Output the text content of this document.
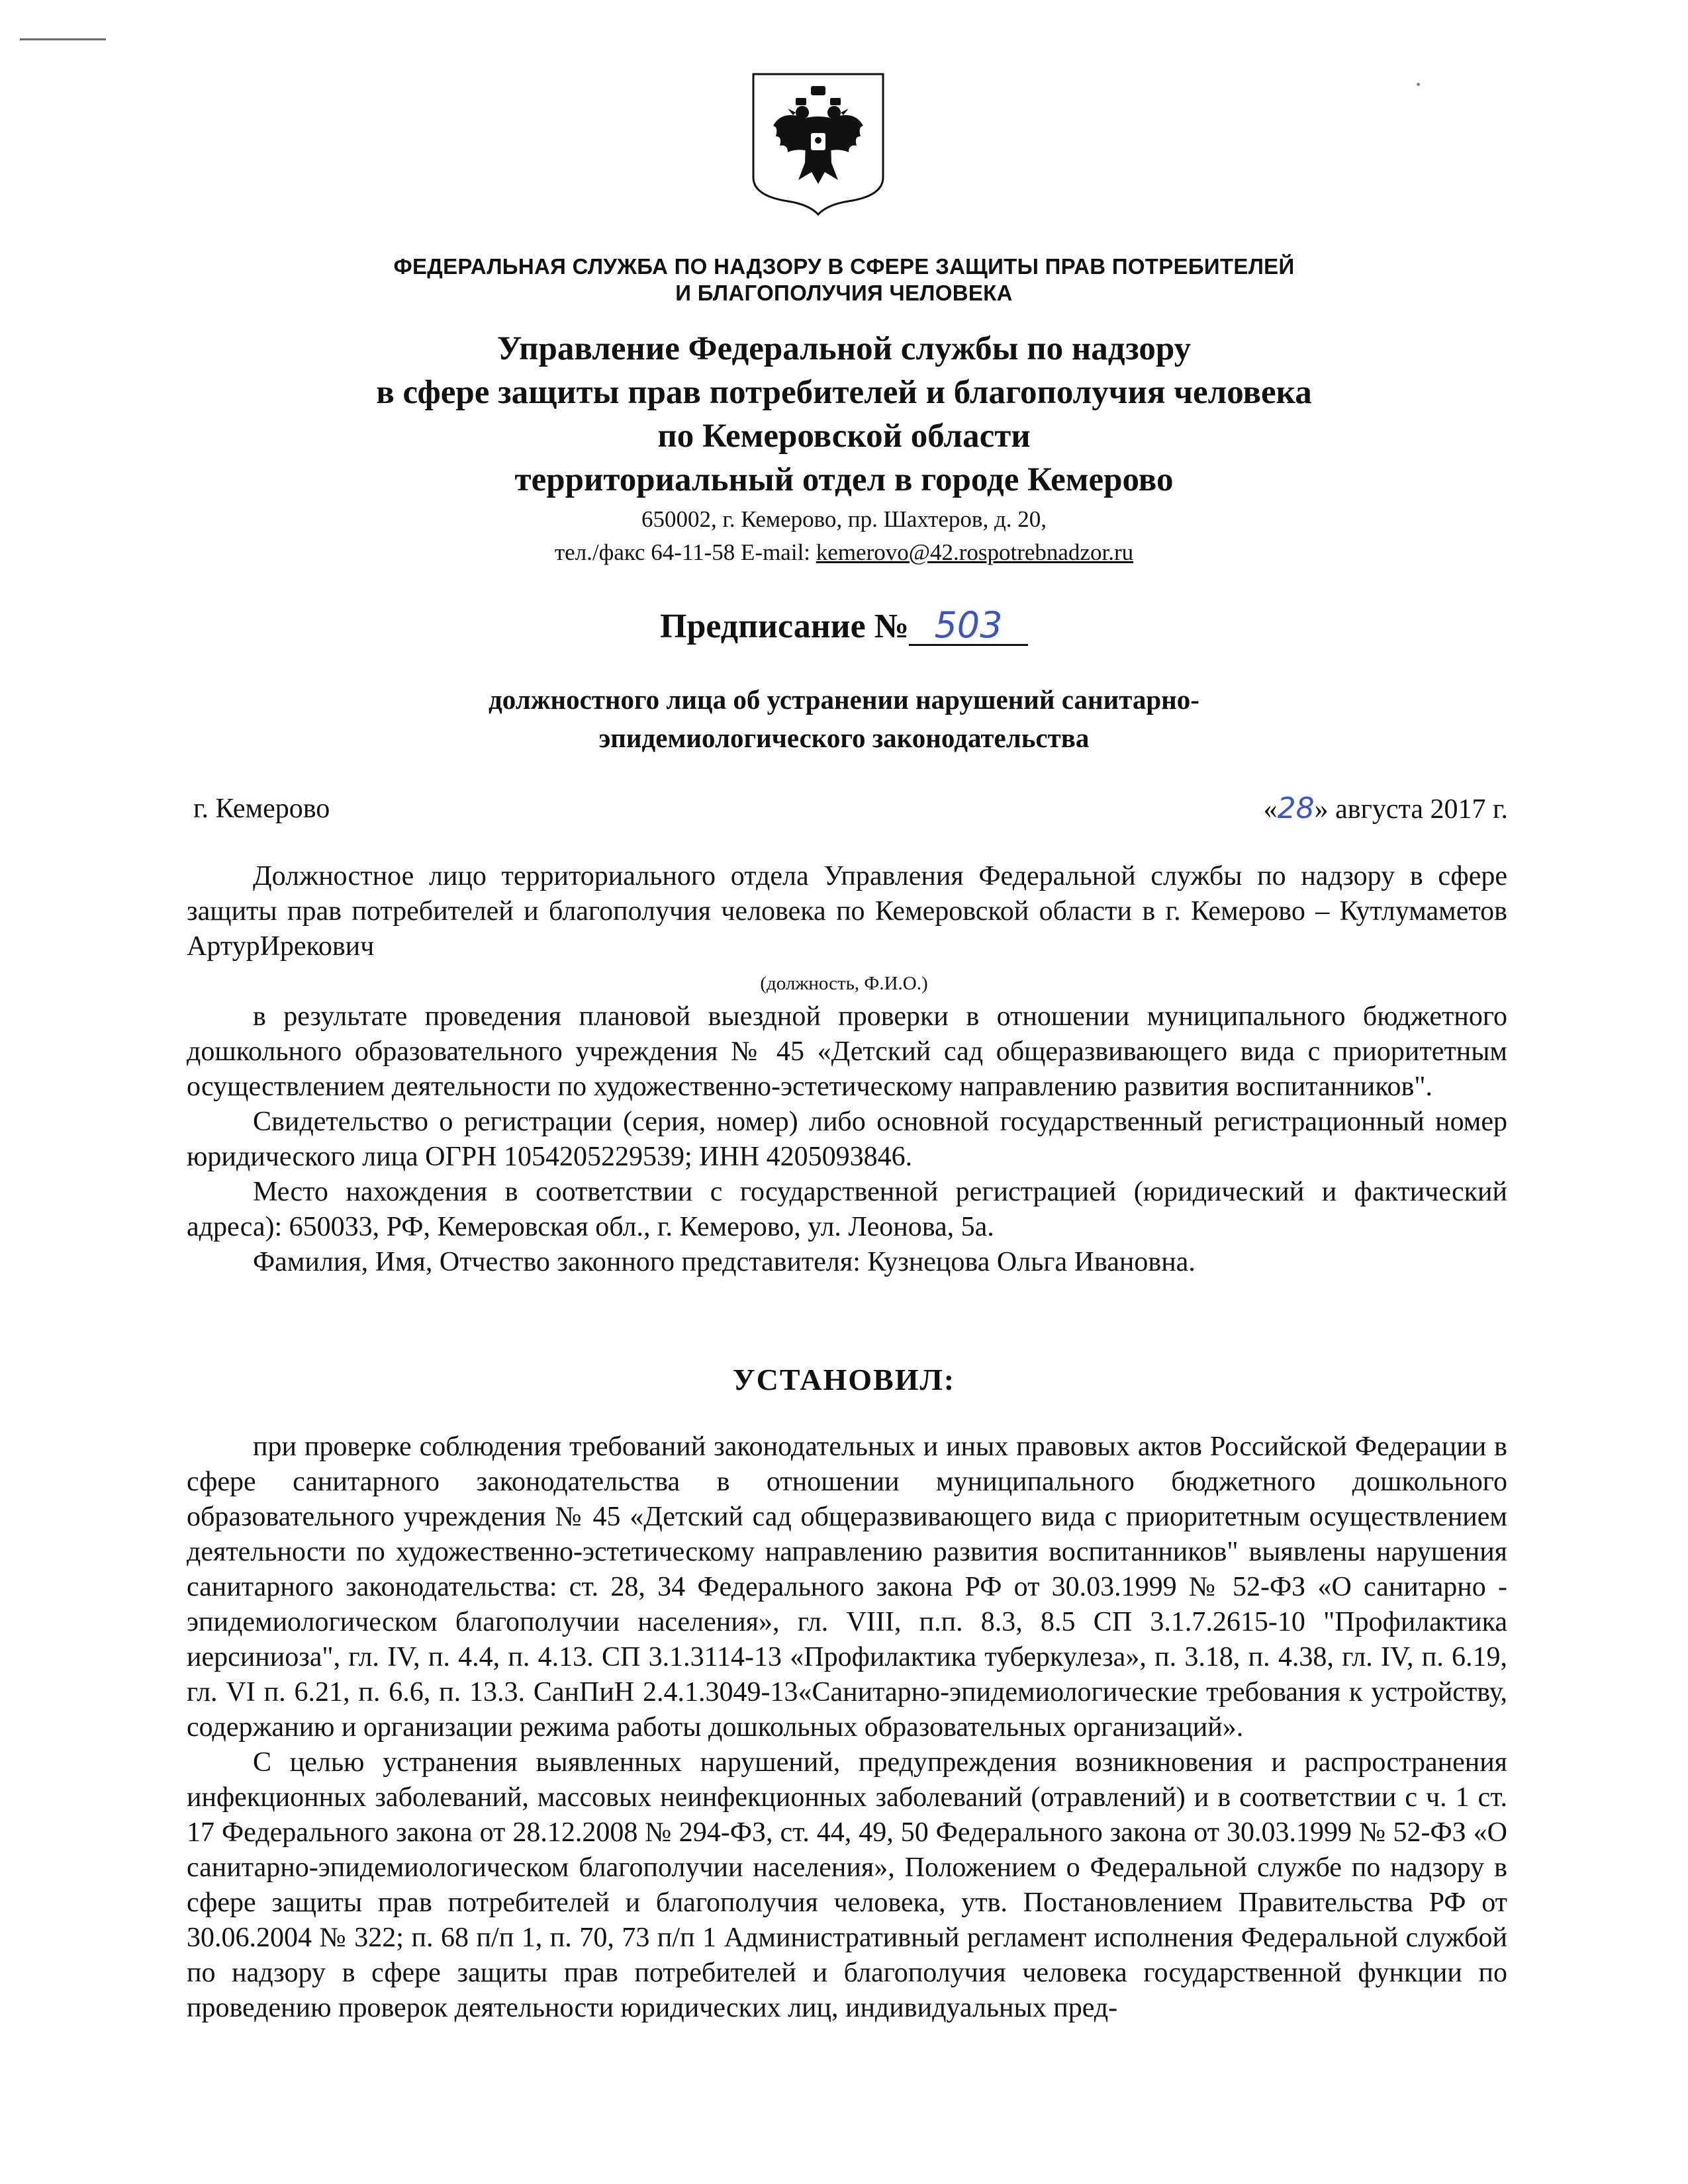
ФЕДЕРАЛЬНАЯ СЛУЖБА ПО НАДЗОРУ В СФЕРЕ ЗАЩИТЫ ПРАВ ПОТРЕБИТЕЛЕЙ
И БЛАГОПОЛУЧИЯ ЧЕЛОВЕКА
Управление Федеральной службы по надзору
в сфере защиты прав потребителей и благополучия человека
по Кемеровской области
территориальный отдел в городе Кемерово
650002, г. Кемерово, пр. Шахтеров, д. 20,
тел./факс 64-11-58 E-mail: kemerovo@42.rospotrebnadzor.ru
Предписание № 503
должностного лица об устранении нарушений санитарно-
эпидемиологического законодательства
г. Кемерово	«28» августа 2017 г.

Должностное лицо территориального отдела Управления Федеральной службы по надзору в сфере защиты прав потребителей и благополучия человека по Кемеровской области в г. Кемерово – Кутлумаметов АртурИрекович

(должность, Ф.И.О.)

в результате проведения плановой выездной проверки в отношении муниципального бюджетного дошкольного образовательного учреждения № 45 «Детский сад общеразвивающего вида с приоритетным осуществлением деятельности по художественно-эстетическому направлению развития воспитанников".

Свидетельство о регистрации (серия, номер) либо основной государственный регистрационный номер юридического лица ОГРН 1054205229539; ИНН 4205093846.

Место нахождения в соответствии с государственной регистрацией (юридический и фактический адреса): 650033, РФ, Кемеровская обл., г. Кемерово, ул. Леонова, 5а.

Фамилия, Имя, Отчество законного представителя: Кузнецова Ольга Ивановна.

УСТАНОВИЛ:

при проверке соблюдения требований законодательных и иных правовых актов Российской Федерации в сфере санитарного законодательства в отношении муниципального бюджетного дошкольного образовательного учреждения № 45 «Детский сад общеразвивающего вида с приоритетным осуществлением деятельности по художественно-эстетическому направлению развития воспитанников" выявлены нарушения санитарного законодательства: ст. 28, 34 Федерального закона РФ от 30.03.1999 № 52-ФЗ «О санитарно - эпидемиологическом благополучии населения», гл. VIII, п.п. 8.3, 8.5 СП 3.1.7.2615-10 "Профилактика иерсиниоза", гл. IV, п. 4.4, п. 4.13. СП 3.1.3114-13 «Профилактика туберкулеза», п. 3.18, п. 4.38, гл. IV, п. 6.19, гл. VI п. 6.21, п. 6.6, п. 13.3. СанПиН 2.4.1.3049-13«Санитарно-эпидемиологические требования к устройству, содержанию и организации режима работы дошкольных образовательных организаций».

С целью устранения выявленных нарушений, предупреждения возникновения и распространения инфекционных заболеваний, массовых неинфекционных заболеваний (отравлений) и в соответствии с ч. 1 ст. 17 Федерального закона от 28.12.2008 № 294-ФЗ, ст. 44, 49, 50 Федерального закона от 30.03.1999 № 52-ФЗ «О санитарно-эпидемиологическом благополучии населения», Положением о Федеральной службе по надзору в сфере защиты прав потребителей и благополучия человека, утв. Постановлением Правительства РФ от 30.06.2004 № 322; п. 68 п/п 1, п. 70, 73 п/п 1 Административный регламент исполнения Федеральной службой по надзору в сфере защиты прав потребителей и благополучия человека государственной функции по проведению проверок деятельности юридических лиц, индивидуальных пред-
